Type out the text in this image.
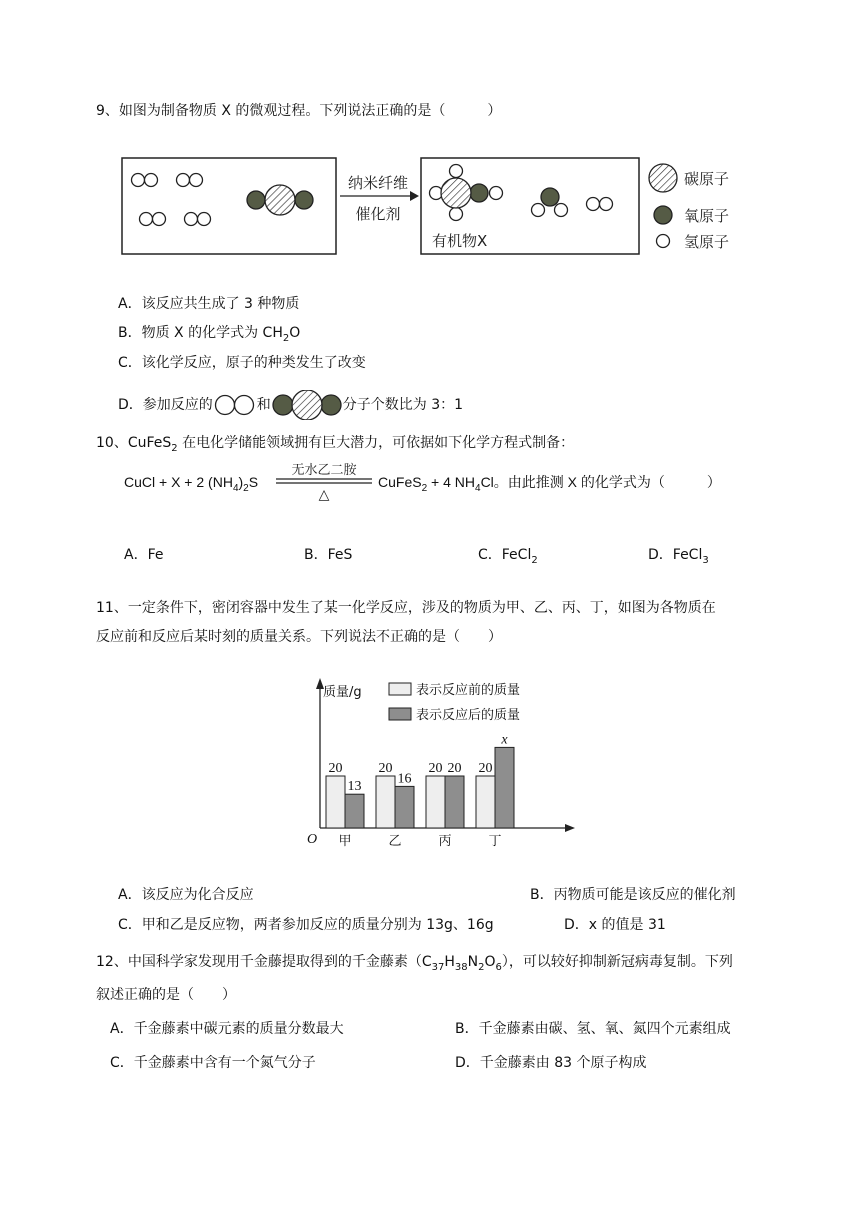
9、如图为制备物质 X 的微观过程。下列说法正确的是（　　　）
纳米纤维
催化剂
有机物X
碳原子
氧原子
氢原子
A．该反应共生成了 3 种物质
B．物质 X 的化学式为 $CH_2O$
C．该化学反应，原子的种类发生了改变
D．参加反应的	和	分子个数比为 3：1
10、CuFeS$_2$ 在电化学储能领域拥有巨大潜力，可依据如下化学方程式制备：
CuCl + X + 2 $(NH_4)_2S$
无水乙二胺
△
CuFeS$_2$ + 4 $NH_4Cl$。由此推测 X 的化学式为（　　　）
A．Fe	B．FeS	C．FeCl$_2$	D．FeCl$_3$
11、一定条件下，密闭容器中发生了某一化学反应，涉及的物质为甲、乙、丙、丁，如图为各物质在
反应前和反应后某时刻的质量关系。下列说法不正确的是（　　）
质量/g
O
表示反应前的质量
表示反应后的质量
20
13
甲
20
16
乙
20 20
丙
20
x
丁
A．该反应为化合反应	B．丙物质可能是该反应的催化剂
C．甲和乙是反应物，两者参加反应的质量分别为 13g、16g	D．x 的值是 31
12、中国科学家发现用千金藤提取得到的千金藤素$(C_{37}H_{38}N_2O_6)$，可以较好抑制新冠病毒复制。下列
叙述正确的是（　　）
A．千金藤素中碳元素的质量分数最大	B．千金藤素由碳、氢、氧、氮四个元素组成
C．千金藤素中含有一个氮气分子	D．千金藤素由 83 个原子构成
